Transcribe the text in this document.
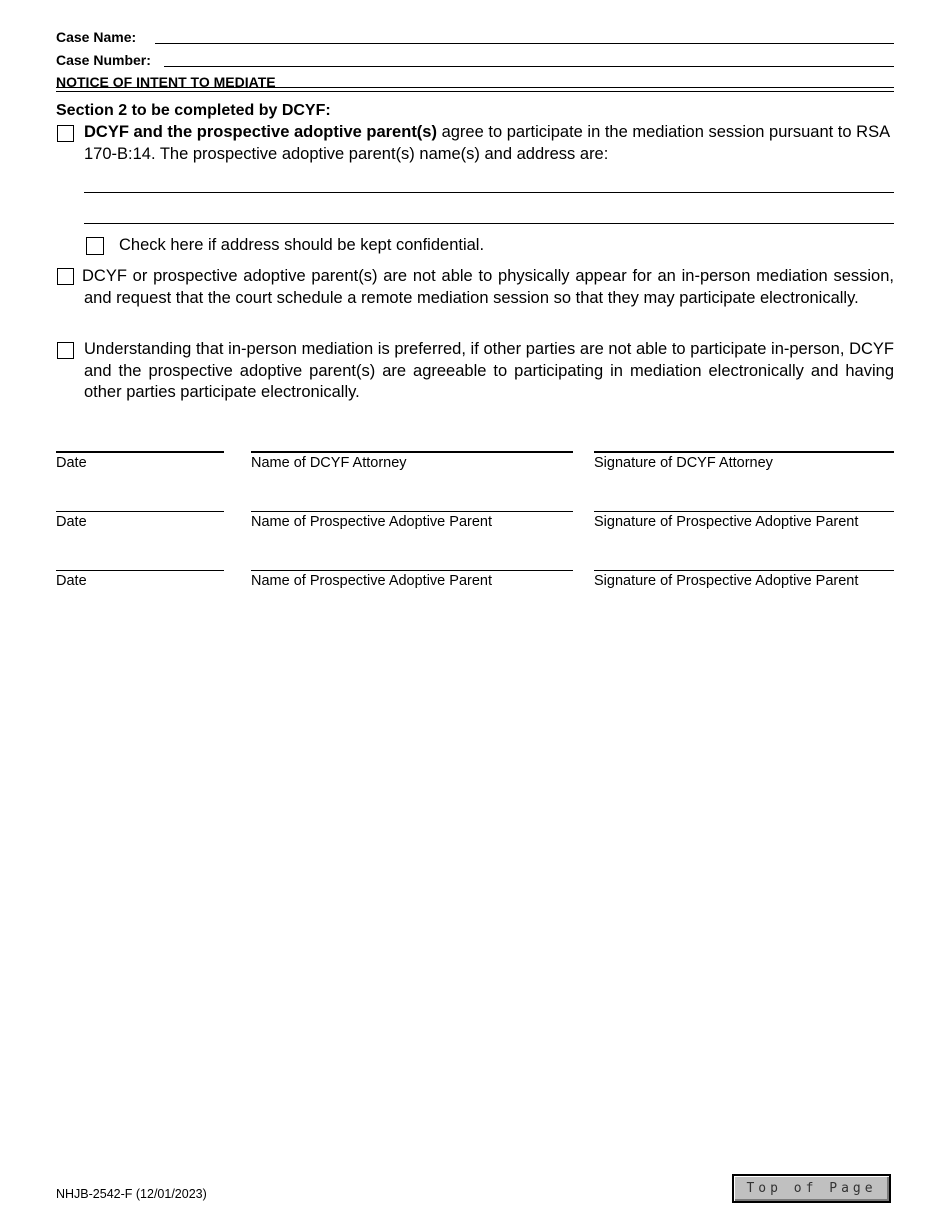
Case Name:
Case Number:
NOTICE OF INTENT TO MEDIATE
Section 2 to be completed by DCYF:
DCYF and the prospective adoptive parent(s) agree to participate in the mediation session pursuant to RSA 170-B:14. The prospective adoptive parent(s) name(s) and address are:
Check here if address should be kept confidential.
DCYF or prospective adoptive parent(s) are not able to physically appear for an in-person mediation session, and request that the court schedule a remote mediation session so that they may participate electronically.
Understanding that in-person mediation is preferred, if other parties are not able to participate in-person, DCYF and the prospective adoptive parent(s) are agreeable to participating in mediation electronically and having other parties participate electronically.
Date	Name of DCYF Attorney	Signature of DCYF Attorney
Date	Name of Prospective Adoptive Parent	Signature of Prospective Adoptive Parent
Date	Name of Prospective Adoptive Parent	Signature of Prospective Adoptive Parent
NHJB-2542-F (12/01/2023)	Top of Page
